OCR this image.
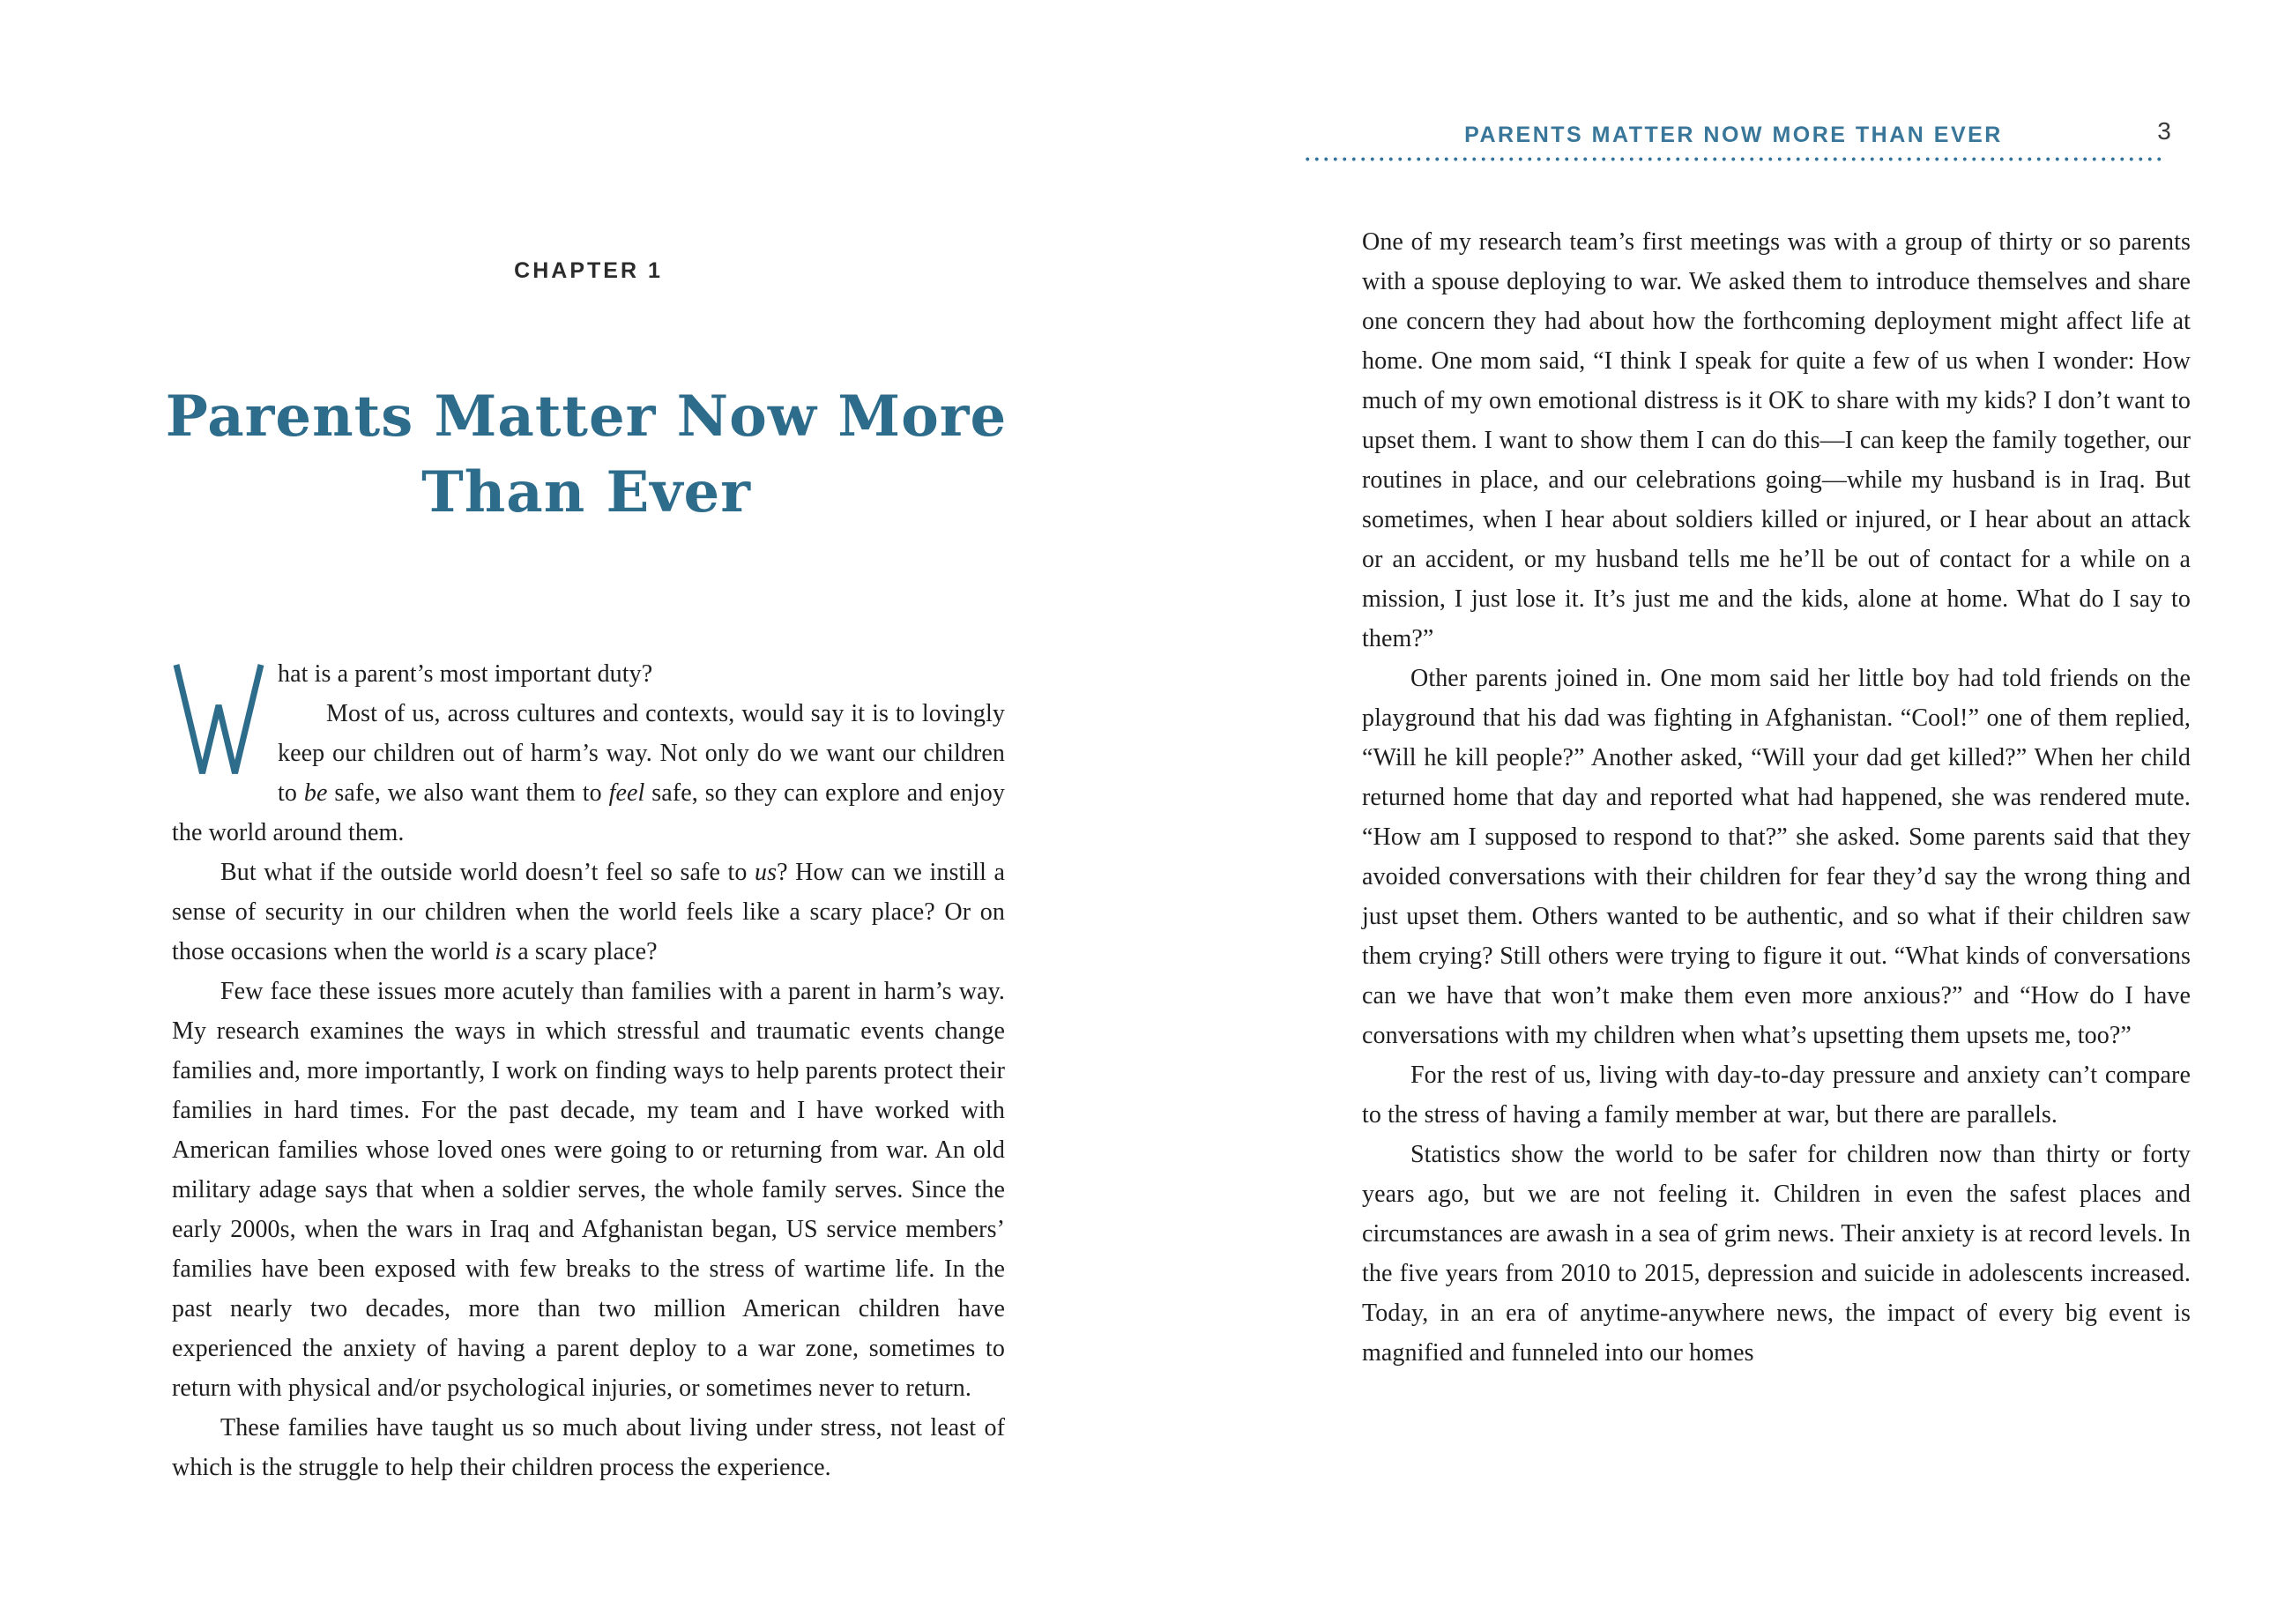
CHAPTER 1
Parents Matter Now More
Than Ever

hat is a parent’s most important duty?

Most of us, across cultures and contexts, would say it is to lovingly keep our children out of harm’s way. Not only do we want our children to be safe, we also want them to feel safe, so they can explore and enjoy the world around them.

But what if the outside world doesn’t feel so safe to us? How can we instill a sense of security in our children when the world feels like a scary place? Or on those occasions when the world is a scary place?

Few face these issues more acutely than families with a parent in harm’s way. My research examines the ways in which stressful and traumatic events change families and, more importantly, I work on finding ways to help parents protect their families in hard times. For the past decade, my team and I have worked with American families whose loved ones were going to or returning from war. An old military adage says that when a soldier serves, the whole family serves. Since the early 2000s, when the wars in Iraq and Afghanistan began, US service members’ families have been exposed with few breaks to the stress of wartime life. In the past nearly two decades, more than two million American children have experienced the anxiety of having a parent deploy to a war zone, sometimes to return with physical and/or psychological injuries, or sometimes never to return.

These families have taught us so much about living under stress, not least of which is the struggle to help their children process the experience.

PARENTS MATTER NOW MORE THAN EVER	3

One of my research team’s first meetings was with a group of thirty or so parents with a spouse deploying to war. We asked them to introduce themselves and share one concern they had about how the forthcoming deployment might affect life at home. One mom said, “I think I speak for quite a few of us when I wonder: How much of my own emotional distress is it OK to share with my kids? I don’t want to upset them. I want to show them I can do this—I can keep the family together, our routines in place, and our celebrations going—while my husband is in Iraq. But sometimes, when I hear about soldiers killed or injured, or I hear about an attack or an accident, or my husband tells me he’ll be out of contact for a while on a mission, I just lose it. It’s just me and the kids, alone at home. What do I say to them?”

Other parents joined in. One mom said her little boy had told friends on the playground that his dad was fighting in Afghanistan. “Cool!” one of them replied, “Will he kill people?” Another asked, “Will your dad get killed?” When her child returned home that day and reported what had happened, she was rendered mute. “How am I supposed to respond to that?” she asked. Some parents said that they avoided conversations with their children for fear they’d say the wrong thing and just upset them. Others wanted to be authentic, and so what if their children saw them crying? Still others were trying to figure it out. “What kinds of conversations can we have that won’t make them even more anxious?” and “How do I have conversations with my children when what’s upsetting them upsets me, too?”

For the rest of us, living with day-to-day pressure and anxiety can’t compare to the stress of having a family member at war, but there are parallels.

Statistics show the world to be safer for children now than thirty or forty years ago, but we are not feeling it. Children in even the safest places and circumstances are awash in a sea of grim news. Their anxiety is at record levels. In the five years from 2010 to 2015, depression and suicide in adolescents increased. Today, in an era of anytime-anywhere news, the impact of every big event is magnified and funneled into our homes
